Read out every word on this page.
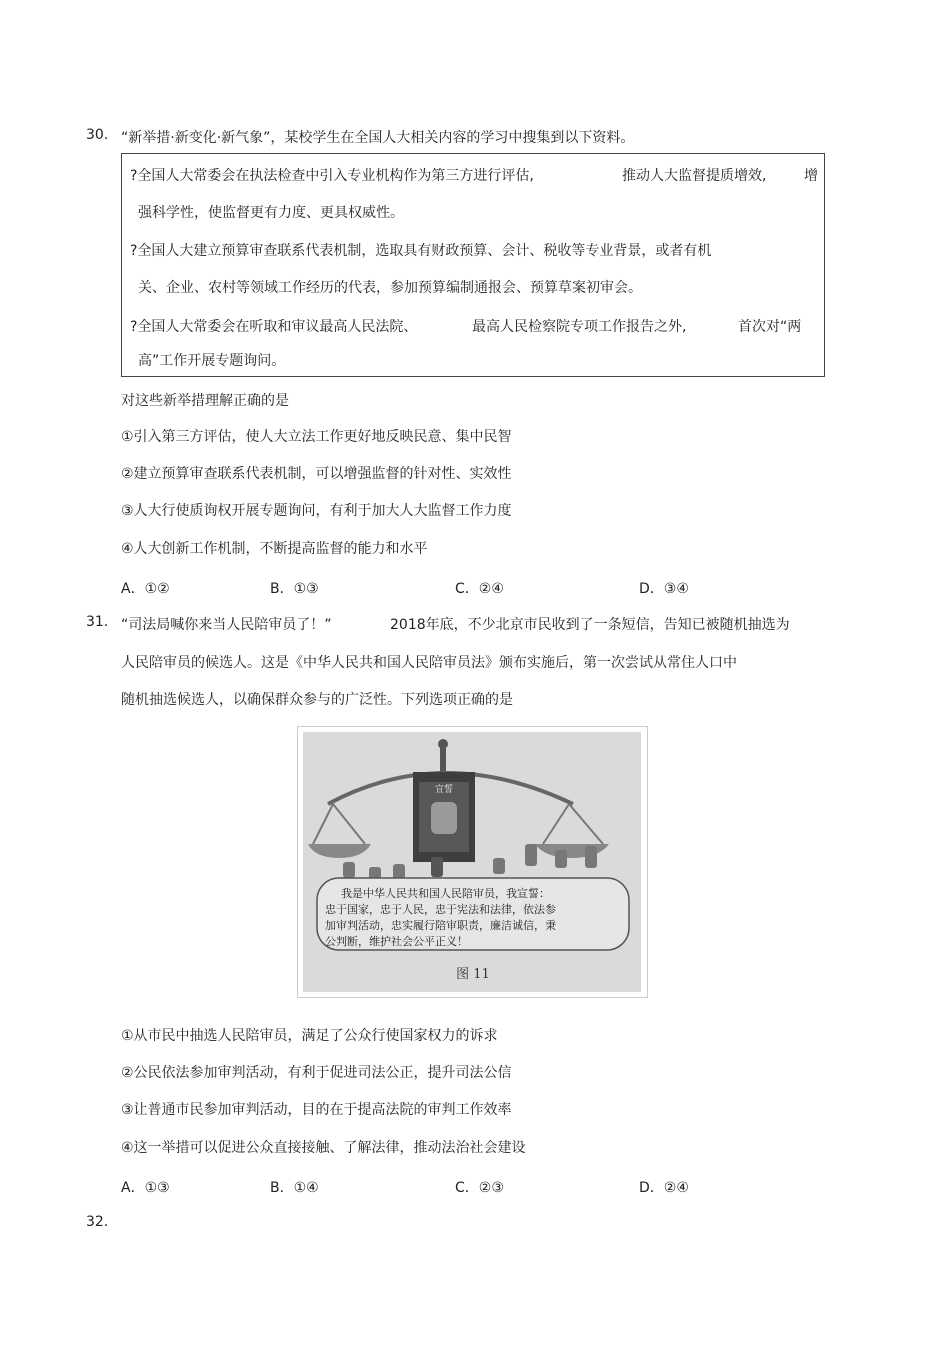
30. “新举措·新变化·新气象”，某校学生在全国人大相关内容的学习中搜集到以下资料。
?全国人大常委会在执法检查中引入专业机构作为第三方进行评估,	推动人大监督提质增效,	增
强科学性，使监督更有力度、更具权威性。
?全国人大建立预算审查联系代表机制，选取具有财政预算、会计、税收等专业背景，或者有机
关、企业、农村等领域工作经历的代表，参加预算编制通报会、预算草案初审会。
?全国人大常委会在听取和审议最高人民法院、	最高人民检察院专项工作报告之外,	首次对“两
高”工作开展专题询问。
对这些新举措理解正确的是
①引入第三方评估，使人大立法工作更好地反映民意、集中民智
②建立预算审查联系代表机制，可以增强监督的针对性、实效性
③人大行使质询权开展专题询问，有利于加大人大监督工作力度
④人大创新工作机制，不断提高监督的能力和水平
A．①②	B．①③	C．②④	D．③④
31. “司法局喊你来当人民陪审员了！”	2018年底，不少北京市民收到了一条短信，告知已被随机抽选为
人民陪审员的候选人。这是《中华人民共和国人民陪审员法》颁布实施后，第一次尝试从常住人口中
随机抽选候选人，以确保群众参与的广泛性。下列选项正确的是
宣誓
我是中华人民共和国人民陪审员，我宣誓：
忠于国家，忠于人民，忠于宪法和法律，依法参
加审判活动，忠实履行陪审职责，廉洁诚信，秉
公判断，维护社会公平正义！
图 11
①从市民中抽选人民陪审员，满足了公众行使国家权力的诉求
②公民依法参加审判活动，有利于促进司法公正，提升司法公信
③让普通市民参加审判活动，目的在于提高法院的审判工作效率
④这一举措可以促进公众直接接触、了解法律，推动法治社会建设
A．①③	B．①④	C．②③	D．②④
32.
